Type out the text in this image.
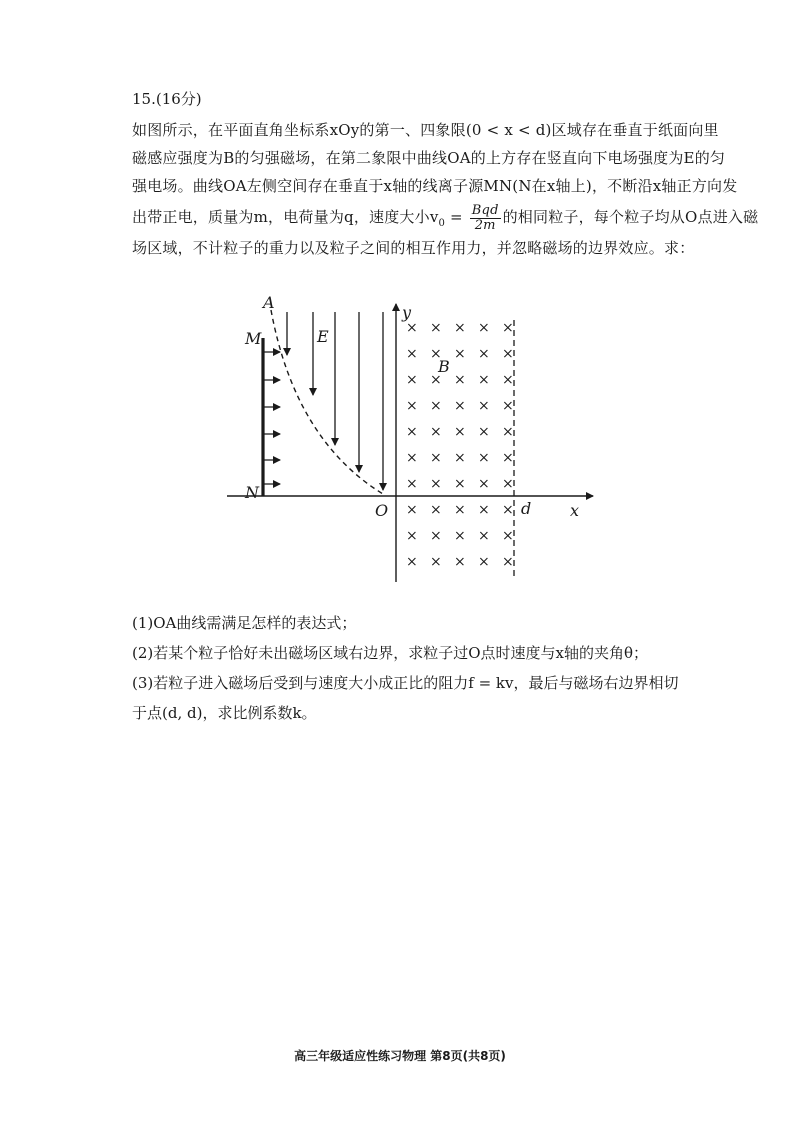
15.(16分)
如图所示，在平面直角坐标系xOy的第一、四象限(0 < x < d)区域存在垂直于纸面向里
磁感应强度为B的匀强磁场，在第二象限中曲线OA的上方存在竖直向下电场强度为E的匀
强电场。曲线OA左侧空间存在垂直于x轴的线离子源MN(N在x轴上)，不断沿x轴正方向发
出带正电，质量为m，电荷量为q，速度大小$v_0 = \frac{\text{Bqd}}{2m}$ 的相同粒子，每个粒子均从O点进入磁
场区域，不计粒子的重力以及粒子之间的相互作用力，并忽略磁场的边界效应。求：
× × × × ×
× × × × ×
× × × × ×
× × × × ×
× × × × ×
× × × × ×
× × × × ×
× × × × ×
× × × × ×
× × × × ×
A
M
N
E
B
O
y
x
d
(1)OA曲线需满足怎样的表达式；
(2)若某个粒子恰好未出磁场区域右边界，求粒子过O点时速度与x轴的夹角θ；
(3)若粒子进入磁场后受到与速度大小成正比的阻力f = kv，最后与磁场右边界相切
于点(d, d)，求比例系数k。
高三年级适应性练习物理 第8页(共8页)
